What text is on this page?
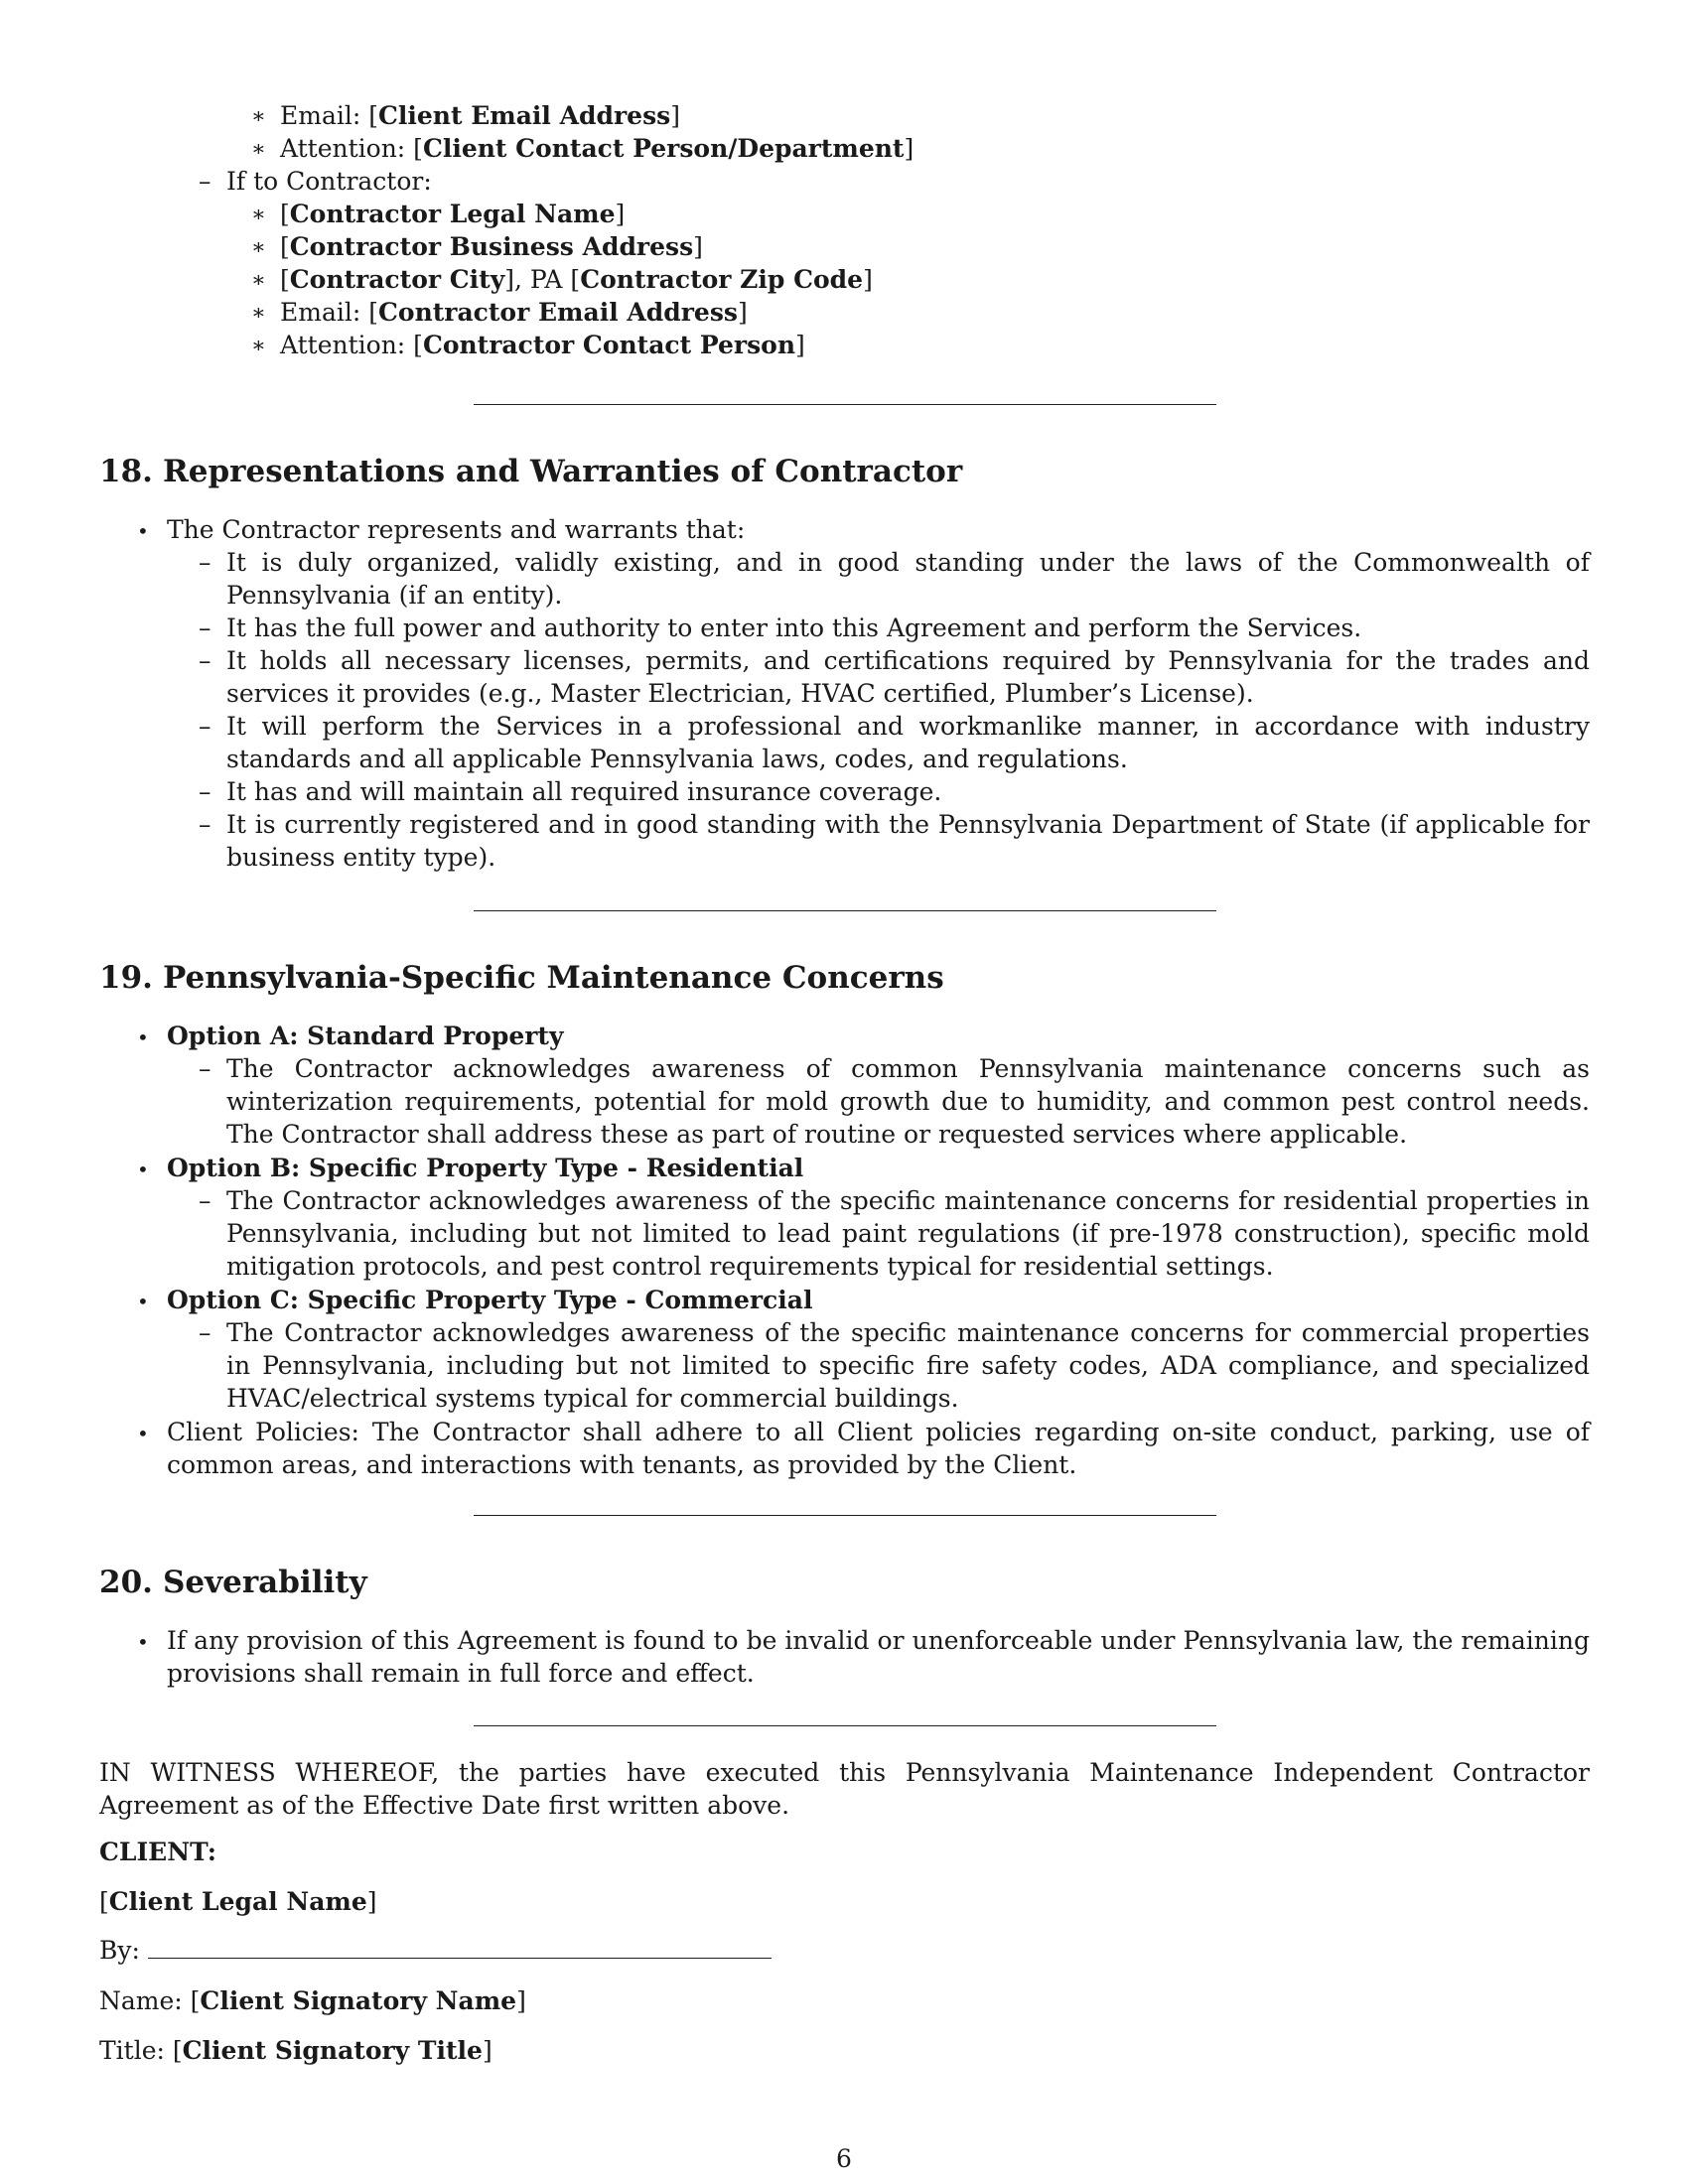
∗ Email: [Client Email Address]
∗ Attention: [Client Contact Person/Department]
– If to Contractor:
∗ [Contractor Legal Name]
∗ [Contractor Business Address]
∗ [Contractor City], PA [Contractor Zip Code]
∗ Email: [Contractor Email Address]
∗ Attention: [Contractor Contact Person]
18. Representations and Warranties of Contractor
• The Contractor represents and warrants that:
– It is duly organized, validly existing, and in good standing under the laws of the Commonwealth of Pennsylvania (if an entity).
– It has the full power and authority to enter into this Agreement and perform the Services.
– It holds all necessary licenses, permits, and certifications required by Pennsylvania for the trades and services it provides (e.g., Master Electrician, HVAC certified, Plumber’s License).
– It will perform the Services in a professional and workmanlike manner, in accordance with industry standards and all applicable Pennsylvania laws, codes, and regulations.
– It has and will maintain all required insurance coverage.
– It is currently registered and in good standing with the Pennsylvania Department of State (if applicable for business entity type).
19. Pennsylvania-Specific Maintenance Concerns
• Option A: Standard Property
– The Contractor acknowledges awareness of common Pennsylvania maintenance concerns such as winterization requirements, potential for mold growth due to humidity, and common pest control needs. The Contractor shall address these as part of routine or requested services where applicable.
• Option B: Specific Property Type - Residential
– The Contractor acknowledges awareness of the specific maintenance concerns for residential properties in Pennsylvania, including but not limited to lead paint regulations (if pre-1978 construction), specific mold mitigation protocols, and pest control requirements typical for residential settings.
• Option C: Specific Property Type - Commercial
– The Contractor acknowledges awareness of the specific maintenance concerns for commercial properties in Pennsylvania, including but not limited to specific fire safety codes, ADA compliance, and specialized HVAC/electrical systems typical for commercial buildings.
• Client Policies: The Contractor shall adhere to all Client policies regarding on-site conduct, parking, use of common areas, and interactions with tenants, as provided by the Client.
20. Severability
• If any provision of this Agreement is found to be invalid or unenforceable under Pennsylvania law, the remaining provisions shall remain in full force and effect.
IN WITNESS WHEREOF, the parties have executed this Pennsylvania Maintenance Independent Contractor Agreement as of the Effective Date first written above.
CLIENT:
[Client Legal Name]
By:
Name: [Client Signatory Name]
Title: [Client Signatory Title]
6
